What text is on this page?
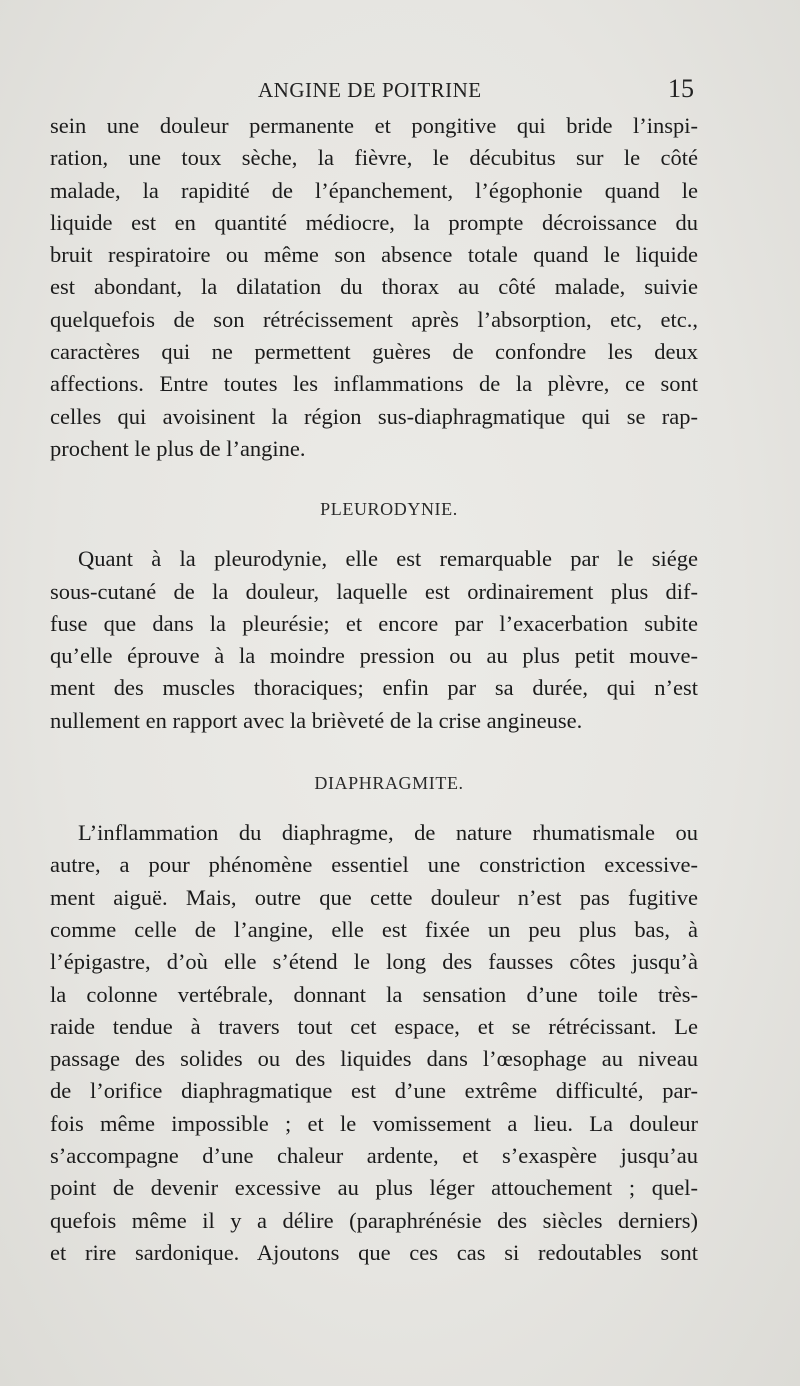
ANGINE DE POITRINE	15
sein une douleur permanente et pongitive qui bride l’inspi-
ration, une toux sèche, la fièvre, le décubitus sur le côté
malade, la rapidité de l’épanchement, l’égophonie quand le
liquide est en quantité médiocre, la prompte décroissance du
bruit respiratoire ou même son absence totale quand le liquide
est abondant, la dilatation du thorax au côté malade, suivie
quelquefois de son rétrécissement après l’absorption, etc, etc.,
caractères qui ne permettent guères de confondre les deux
affections. Entre toutes les inflammations de la plèvre, ce sont
celles qui avoisinent la région sus-diaphragmatique qui se rap-
prochent le plus de l’angine.
PLEURODYNIE.
Quant à la pleurodynie, elle est remarquable par le siége
sous-cutané de la douleur, laquelle est ordinairement plus dif-
fuse que dans la pleurésie; et encore par l’exacerbation subite
qu’elle éprouve à la moindre pression ou au plus petit mouve-
ment des muscles thoraciques; enfin par sa durée, qui n’est
nullement en rapport avec la brièveté de la crise angineuse.
DIAPHRAGMITE.
L’inflammation du diaphragme, de nature rhumatismale ou
autre, a pour phénomène essentiel une constriction excessive-
ment aiguë. Mais, outre que cette douleur n’est pas fugitive
comme celle de l’angine, elle est fixée un peu plus bas, à
l’épigastre, d’où elle s’étend le long des fausses côtes jusqu’à
la colonne vertébrale, donnant la sensation d’une toile très-
raide tendue à travers tout cet espace, et se rétrécissant. Le
passage des solides ou des liquides dans l’œsophage au niveau
de l’orifice diaphragmatique est d’une extrême difficulté, par-
fois même impossible ; et le vomissement a lieu. La douleur
s’accompagne d’une chaleur ardente, et s’exaspère jusqu’au
point de devenir excessive au plus léger attouchement ; quel-
quefois même il y a délire (paraphrénésie des siècles derniers)
et rire sardonique. Ajoutons que ces cas si redoutables sont
